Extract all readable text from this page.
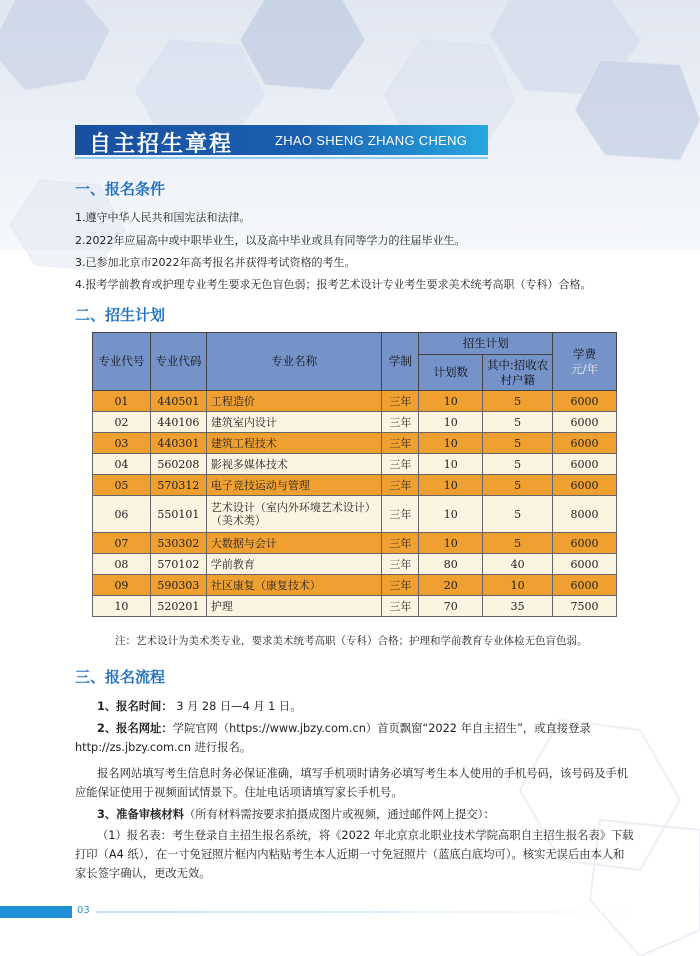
自主招生章程	ZHAO SHENG ZHANG CHENG
一、报名条件
1.遵守中华人民共和国宪法和法律。
2.2022年应届高中或中职毕业生，以及高中毕业或具有同等学力的往届毕业生。
3.已参加北京市2022年高考报名并获得考试资格的考生。
4.报考学前教育或护理专业考生要求无色盲色弱；报考艺术设计专业考生要求美术统考高职（专科）合格。
二、招生计划
专业代号	专业代码	专业名称	学制	招生计划		学费
元/年
				计划数	其中:招收农村户籍	
01	440501	工程造价	三年	10	5	6000
02	440106	建筑室内设计	三年	10	5	6000
03	440301	建筑工程技术	三年	10	5	6000
04	560208	影视多媒体技术	三年	10	5	6000
05	570312	电子竞技运动与管理	三年	10	5	6000
06	550101	艺术设计（室内外环境艺术设计）（美术类）	三年	10	5	8000
07	530302	大数据与会计	三年	10	5	6000
08	570102	学前教育	三年	80	40	6000
09	590303	社区康复（康复技术）	三年	20	10	6000
10	520201	护理	三年	70	35	7500
注：艺术设计为美术类专业，要求美术统考高职（专科）合格；护理和学前教育专业体检无色盲色弱。
三、报名流程
1、报名时间： 3 月 28 日—4 月 1 日。
2、报名网址：学院官网（https://www.jbzy.com.cn）首页飘窗“2022 年自主招生”，或直接登录 http://zs.jbzy.com.cn 进行报名。
报名网站填写考生信息时务必保证准确，填写手机项时请务必填写考生本人使用的手机号码，该号码及手机应能保证使用于视频面试情景下。住址电话项请填写家长手机号。
3、准备审核材料（所有材料需按要求拍摄成图片或视频，通过邮件网上提交）：
（1）报名表：考生登录自主招生报名系统，将《2022 年北京京北职业技术学院高职自主招生报名表》下载打印（A4 纸），在一寸免冠照片框内内粘贴考生本人近期一寸免冠照片（蓝底白底均可）。核实无误后由本人和家长签字确认，更改无效。
03
